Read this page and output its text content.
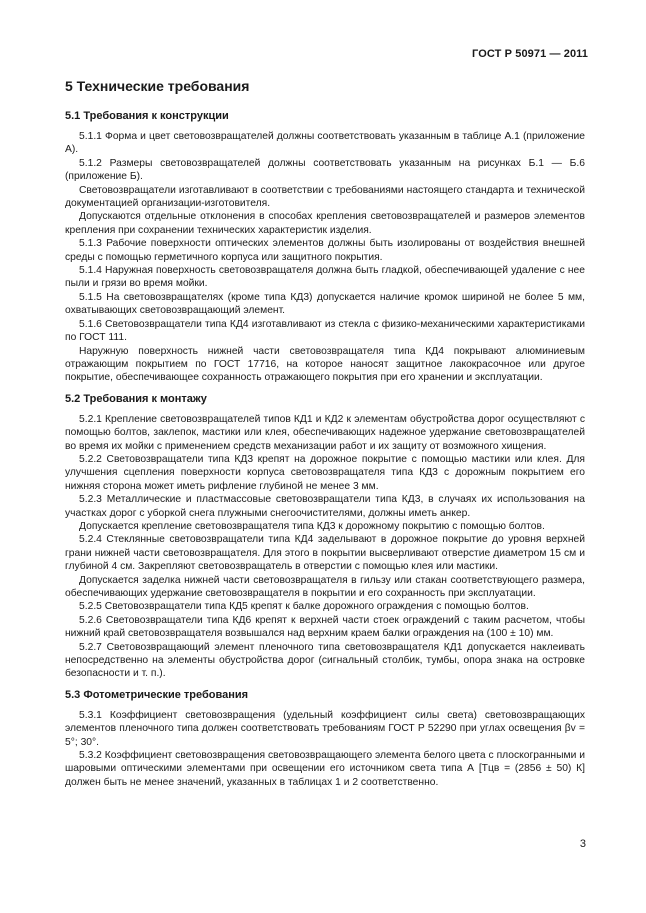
ГОСТ Р 50971 — 2011
5 Технические требования
5.1 Требования к конструкции

5.1.1 Форма и цвет световозвращателей должны соответствовать указанным в таблице А.1 (приложение А).

5.1.2 Размеры световозвращателей должны соответствовать указанным на рисунках Б.1 — Б.6 (приложение Б).

Световозвращатели изготавливают в соответствии с требованиями настоящего стандарта и технической документацией организации-изготовителя.

Допускаются отдельные отклонения в способах крепления световозвращателей и размеров элементов крепления при сохранении технических характеристик изделия.

5.1.3 Рабочие поверхности оптических элементов должны быть изолированы от воздействия внешней среды с помощью герметичного корпуса или защитного покрытия.

5.1.4 Наружная поверхность световозвращателя должна быть гладкой, обеспечивающей удаление с нее пыли и грязи во время мойки.

5.1.5 На световозвращателях (кроме типа КД3) допускается наличие кромок шириной не более 5 мм, охватывающих световозвращающий элемент.

5.1.6 Световозвращатели типа КД4 изготавливают из стекла с физико-механическими характеристиками по ГОСТ 111.

Наружную поверхность нижней части световозвращателя типа КД4 покрывают алюминиевым отражающим покрытием по ГОСТ 17716, на которое наносят защитное лакокрасочное или другое покрытие, обеспечивающее сохранность отражающего покрытия при его хранении и эксплуатации.

5.2 Требования к монтажу

5.2.1 Крепление световозвращателей типов КД1 и КД2 к элементам обустройства дорог осуществляют с помощью болтов, заклепок, мастики или клея, обеспечивающих надежное удержание световозвращателей во время их мойки с применением средств механизации работ и их защиту от возможного хищения.

5.2.2 Световозвращатели типа КД3 крепят на дорожное покрытие с помощью мастики или клея. Для улучшения сцепления поверхности корпуса световозвращателя типа КД3 с дорожным покрытием его нижняя сторона может иметь рифление глубиной не менее 3 мм.

5.2.3 Металлические и пластмассовые световозвращатели типа КД3, в случаях их использования на участках дорог с уборкой снега плужными снегоочистителями, должны иметь анкер.

Допускается крепление световозвращателя типа КД3 к дорожному покрытию с помощью болтов.

5.2.4 Стеклянные световозвращатели типа КД4 заделывают в дорожное покрытие до уровня верхней грани нижней части световозвращателя. Для этого в покрытии высверливают отверстие диаметром 15 см и глубиной 4 см. Закрепляют световозвращатель в отверстии с помощью клея или мастики.

Допускается заделка нижней части световозвращателя в гильзу или стакан соответствующего размера, обеспечивающих удержание световозвращателя в покрытии и его сохранность при эксплуатации.

5.2.5 Световозвращатели типа КД5 крепят к балке дорожного ограждения с помощью болтов.

5.2.6 Световозвращатели типа КД6 крепят к верхней части стоек ограждений с таким расчетом, чтобы нижний край световозвращателя возвышался над верхним краем балки ограждения на (100 ± 10) мм.

5.2.7 Световозвращающий элемент пленочного типа световозвращателя КД1 допускается наклеивать непосредственно на элементы обустройства дорог (сигнальный столбик, тумбы, опора знака на островке безопасности и т. п.).

5.3 Фотометрические требования

5.3.1 Коэффициент световозвращения (удельный коэффициент силы света) световозвращающих элементов пленочного типа должен соответствовать требованиям ГОСТ Р 52290 при углах освещения βv = 5°; 30°.

5.3.2 Коэффициент световозвращения световозвращающего элемента белого цвета с плоскогранными и шаровыми оптическими элементами при освещении его источником света типа А [Тцв = (2856 ± 50) К] должен быть не менее значений, указанных в таблицах 1 и 2 соответственно.

3
